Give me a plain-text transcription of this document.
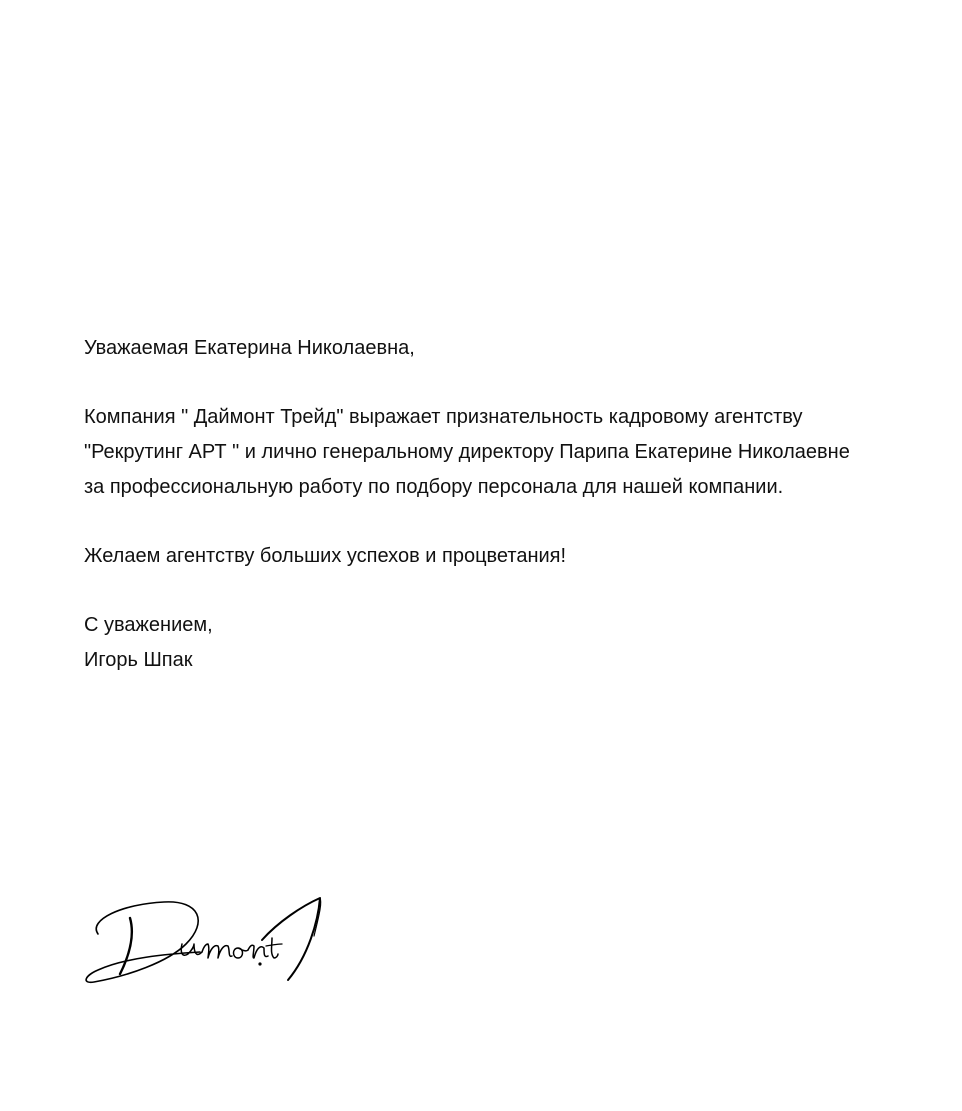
Уважаемая Екатерина Николаевна,

Компания " Даймонт Трейд" выражает признательность кадровому агентству "Рекрутинг АРТ " и лично генеральному директору Парипа Екатерине Николаевне за профессиональную работу по подбору персонала для нашей компании.

Желаем агентству больших успехов и процветания!

С уважением,
Игорь Шпак
